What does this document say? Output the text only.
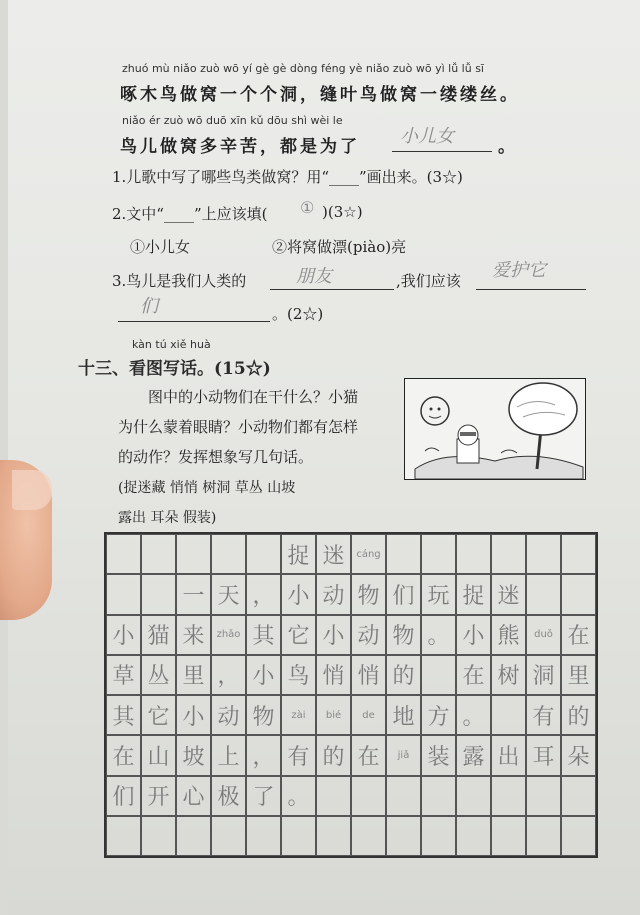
zhuó mù niǎo zuò wō yí gè gè dòng féng yè niǎo zuò wō yì lǚ lǚ sī
啄木鸟做窝一个个洞，缝叶鸟做窝一缕缕丝。
niǎo ér zuò wō duō xīn kǔ dōu shì wèi le
鸟儿做窝多辛苦，都是为了 小儿女	。
1.儿歌中写了哪些鸟类做窝？用“____”画出来。(3☆)
2.文中“____”上应该填( ① )(3☆)
①小儿女	②将窝做漂(piào)亮
3.鸟儿是我们人类的	朋友	,我们应该 爱护它
们	。(2☆)
kàn tú xiě huà
十三、看图写话。(15☆)
图中的小动物们在干什么？小猫
为什么蒙着眼睛？小动物们都有怎样
的动作？发挥想象写几句话。
(捉迷藏 悄悄 树洞 草丛 山坡
露出 耳朵 假装)
捉 迷	cáng
一 天 ， 小 动 物 们 玩 捉 迷
小 猫 来	zhǎo 其 它 小 动 物 。 小 熊	duǒ 在
草 丛 里 ， 小 鸟 悄 悄 的 在 树 洞 里
其 它 小 动 物	zài bié de 地 方 。 有 的
在 山 坡 上 ， 有 的 在	jiǎ 装 露 出 耳 朵
们 开 心 极 了 。
